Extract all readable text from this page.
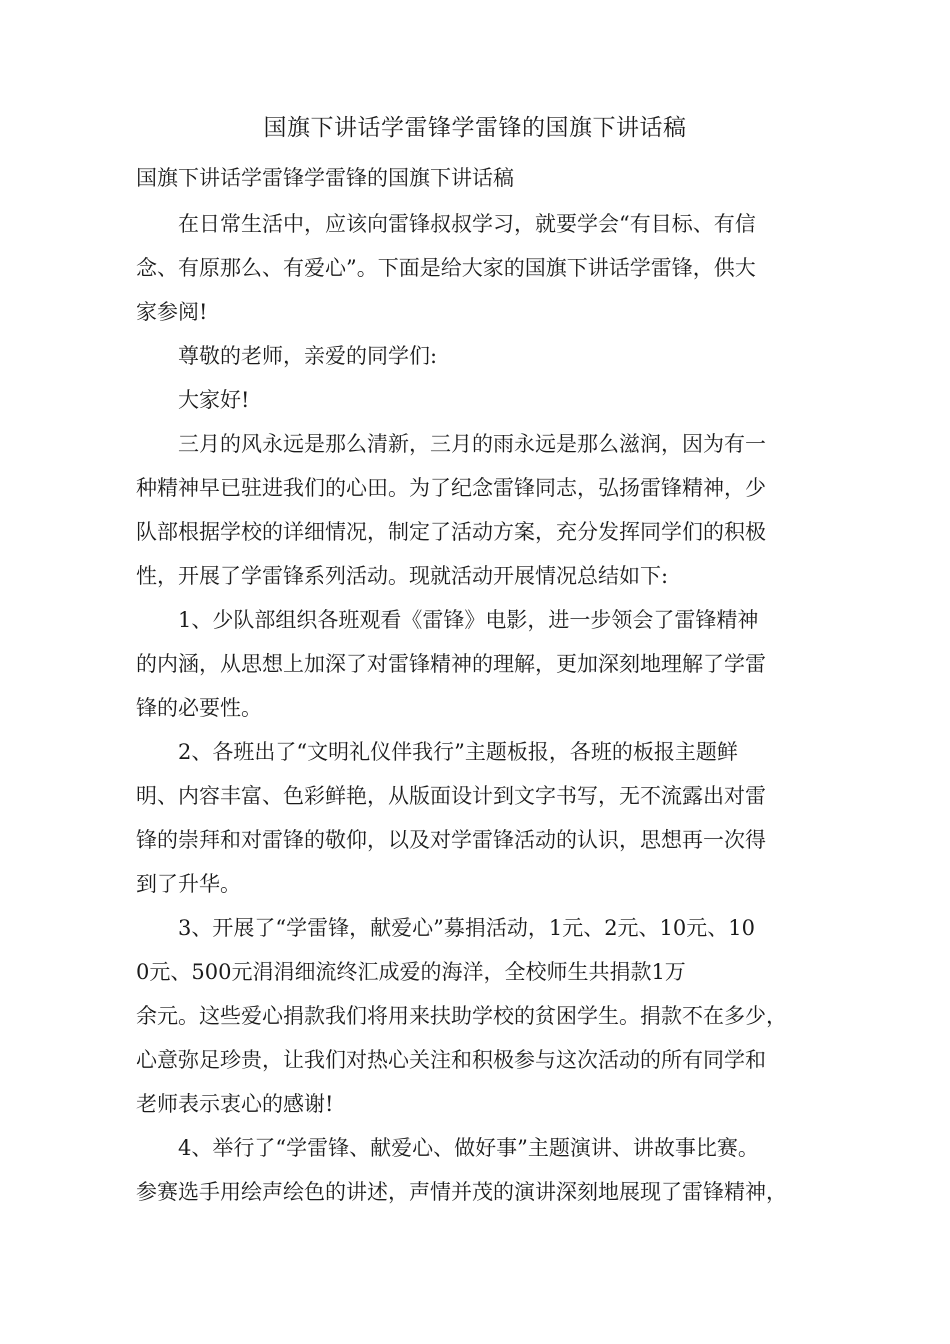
国旗下讲话学雷锋学雷锋的国旗下讲话稿
国旗下讲话学雷锋学雷锋的国旗下讲话稿
在日常生活中，应该向雷锋叔叔学习，就要学会“有目标、有信
念、有原那么、有爱心”。下面是给大家的国旗下讲话学雷锋，供大
家参阅!
尊敬的老师，亲爱的同学们:
大家好!
三月的风永远是那么清新，三月的雨永远是那么滋润，因为有一
种精神早已驻进我们的心田。为了纪念雷锋同志，弘扬雷锋精神，少
队部根据学校的详细情况，制定了活动方案，充分发挥同学们的积极
性，开展了学雷锋系列活动。现就活动开展情况总结如下:
1、少队部组织各班观看《雷锋》电影，进一步领会了雷锋精神
的内涵，从思想上加深了对雷锋精神的理解，更加深刻地理解了学雷
锋的必要性。
2、各班出了“文明礼仪伴我行”主题板报，各班的板报主题鲜
明、内容丰富、色彩鲜艳，从版面设计到文字书写，无不流露出对雷
锋的崇拜和对雷锋的敬仰，以及对学雷锋活动的认识，思想再一次得
到了升华。
3、开展了“学雷锋，献爱心”募捐活动，1元、2元、10元、10
0元、500元涓涓细流终汇成爱的海洋，全校师生共捐款1万
余元。这些爱心捐款我们将用来扶助学校的贫困学生。捐款不在多少，
心意弥足珍贵，让我们对热心关注和积极参与这次活动的所有同学和
老师表示衷心的感谢!
4、举行了“学雷锋、献爱心、做好事”主题演讲、讲故事比赛。
参赛选手用绘声绘色的讲述，声情并茂的演讲深刻地展现了雷锋精神，
